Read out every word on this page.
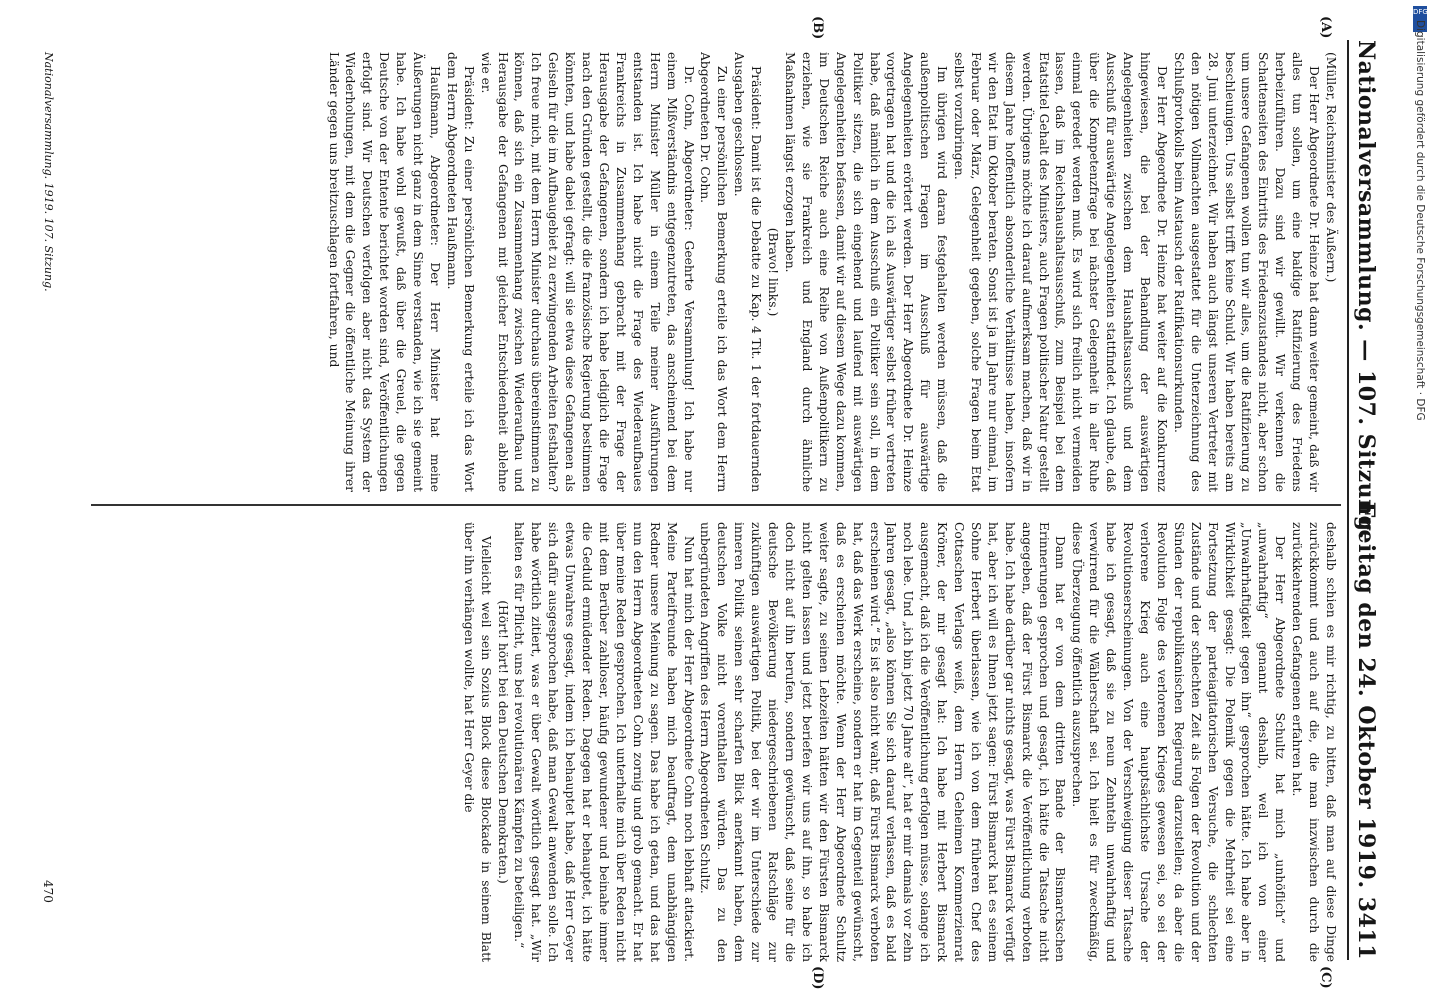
Nationalversammlung. — 107. Sitzung.
Freitag den 24. Oktober 1919. 3411
(A)
(B)
(C)
(D)

(Müller, Reichsminister des Äußern.)

Der Herr Abgeordnete Dr. Heinze hat dann weiter gemeint, daß wir alles tun sollen, um eine baldige Ratifizierung des Friedens herbeizuführen. Dazu sind wir gewillt. Wir verkennen die Schattenseiten des Eintritts des Friedenszustandes nicht, aber schon um unsere Gefangenen wollen tun wir alles, um die Ratifizierung zu beschleunigen. Uns selbst trifft keine Schuld. Wir haben bereits am 28. Juni unterzeichnet. Wir haben auch längst unseren Vertreter mit den nötigen Vollmachten ausgestattet für die Unterzeichnung des Schlußprotokolls beim Austausch der Ratifikationsurkunden.

Der Herr Abgeordnete Dr. Heinze hat weiter auf die Konkurrenz hingewiesen, die bei der Behandlung der auswärtigen Angelegenheiten zwischen dem Haushaltsausschuß und dem Ausschuß für auswärtige Angelegenheiten stattfindet. Ich glaube, daß über die Kompetenzfrage bei nächster Gelegenheit in aller Ruhe einmal geredet werden muß. Es wird sich freilich nicht vermeiden lassen, daß im Reichshaushaltsausschuß, zum Beispiel bei dem Etatstitel Gehalt des Ministers, auch Fragen politischer Natur gestellt werden. Übrigens möchte ich darauf aufmerksam machen, daß wir in diesem Jahre hoffentlich absonderliche Verhältnisse haben, insofern wir den Etat im Oktober beraten. Sonst ist ja im Jahre nur einmal, im Februar oder März, Gelegenheit gegeben, solche Fragen beim Etat selbst vorzubringen.

Im übrigen wird daran festgehalten werden müssen, daß die außenpolitischen Fragen im Ausschuß für auswärtige Angelegenheiten erörtert werden. Der Herr Abgeordnete Dr. Heinze vorgetragen hat und die ich als Auswärtiger selbst früher vertreten habe, daß nämlich in dem Ausschuß ein Politiker sein soll, in dem Politiker sitzen, die sich eingehend und laufend mit auswärtigen Angelegenheiten befassen, damit wir auf diesem Wege dazu kommen, im Deutschen Reiche auch eine Reihe von Außenpolitikern zu erziehen, wie sie Frankreich und England durch ähnliche Maßnahmen längst erzogen haben.

(Bravo! links.)

Präsident: Damit ist die Debatte zu Kap. 4 Tit. 1 der fortdauernden Ausgaben geschlossen.

Zu einer persönlichen Bemerkung erteile ich das Wort dem Herrn Abgeordneten Dr. Cohn.

Dr. Cohn, Abgeordneter: Geehrte Versammlung! Ich habe nur einem Mißverständnis entgegenzutreten, das anscheinend bei dem Herrn Minister Müller in einem Teile meiner Ausführungen entstanden ist. Ich habe nicht die Frage des Wiederaufbaues Frankreichs in Zusammenhang gebracht mit der Frage der Herausgabe der Gefangenen, sondern ich habe lediglich die Frage nach den Gründen gestellt, die die französische Regierung bestimmen könnten, und habe dabei gefragt: will sie etwa diese Gefangenen als Geiseln für die im Aufbaugebiet zu erzwingenden Arbeiten festhalten? Ich freue mich, mit dem Herrn Minister durchaus übereinstimmen zu können, daß sich ein Zusammenhang zwischen Wiederaufbau und Herausgabe der Gefangenen mit gleicher Entschiedenheit ablehne wie er.

Präsident: Zu einer persönlichen Bemerkung erteile ich das Wort dem Herrn Abgeordneten Haußmann.

Haußmann, Abgeordneter: Der Herr Minister hat meine Äußerungen nicht ganz in dem Sinne verstanden, wie ich sie gemeint habe. Ich habe wohl gewußt, daß über die Greuel, die gegen Deutsche von der Entente berichtet worden sind, Veröffentlichungen erfolgt sind. Wir Deutschen verfolgen aber nicht das System der Wiederholungen, mit dem die Gegner die öffentliche Meinung ihrer Länder gegen uns breitzuschlagen fortfahren, und

deshalb schien es mir richtig, zu bitten, daß man auf diese Dinge zurückkommt und auch auf die, die man inzwischen durch die zurückkehrenden Gefangenen erfahren hat.

Der Herr Abgeordnete Schultz hat mich „unhöflich“ und „unwahrhaftig“ genannt deshalb, weil ich von einer „Unwahrhaftigkeit gegen ihn“ gesprochen hätte. Ich habe aber in Wirklichkeit gesagt: Die Polemik gegen die Mehrheit sei eine Fortsetzung der parteiagitatorischen Versuche, die schlechten Zustände und der schlechten Zeit als Folgen der Revolution und der Sünden der republikanischen Regierung darzustellen; da aber die Revolution Folge des verlorenen Krieges gewesen sei, so sei der verlorene Krieg auch eine hauptsächlichste Ursache der Revolutionserscheinungen. Von der Verschweigung dieser Tatsache habe ich gesagt, daß sie zu neun Zehnteln unwahrhaftig und verwirrend für die Wählerschaft sei. Ich hielt es für zweckmäßig, diese Überzeugung öffentlich auszusprechen.

Dann hat er von dem dritten Bande der Bismarckschen Erinnerungen gesprochen und gesagt, ich hätte die Tatsache nicht angegeben, daß der Fürst Bismarck die Veröffentlichung verboten habe. Ich habe darüber gar nichts gesagt, was Fürst Bismarck verfügt hat, aber ich will es Ihnen jetzt sagen: Fürst Bismarck hat es seinem Sohne Herbert überlassen, wie ich von dem früheren Chef des Cottaschen Verlags weiß, dem Herrn Geheimen Kommerzienrat Kröner, der mir gesagt hat: Ich habe mit Herbert Bismarck ausgemacht, daß ich die Veröffentlichung erfolgen müsse, solange ich noch lebe. Und „ich bin jetzt 70 Jahre alt“, hat er mir damals vor zehn Jahren gesagt, „also können Sie sich darauf verlassen, daß es bald erscheinen wird.“ Es ist also nicht wahr, daß Fürst Bismarck verboten hat, daß das Werk erscheine, sondern er hat im Gegenteil gewünscht, daß es erscheinen möchte. Wenn der Herr Abgeordnete Schultz weiter sagte, zu seinen Lebzeiten hätten wir den Fürsten Bismarck nicht gelten lassen und jetzt beriefen wir uns auf ihn, so habe ich doch nicht auf ihn berufen, sondern gewünscht, daß seine für die deutsche Bevölkerung niedergeschriebenen Ratschläge zur zukünftigen auswärtigen Politik, bei der wir im Unterschiede zur inneren Politik seinen sehr scharfen Blick anerkannt haben, dem deutschen Volke nicht vorenthalten würden. Das zu den unbegründeten Angriffen des Herrn Abgeordneten Schultz.

Nun hat mich der Herr Abgeordnete Cohn noch lebhaft attackiert. Meine Parteifreunde haben mich beauftragt, dem unabhängigen Redner unsere Meinung zu sagen. Das habe ich getan, und das hat nun den Herrn Abgeordneten Cohn zornig und grob gemacht. Er hat über meine Reden gesprochen. Ich unterhalte mich über Reden nicht mit dem Berüber zahlloser, häufig gewundener und beinahe immer die Geduld ermüdender Reden. Dagegen hat er behauptet, ich hätte etwas Unwahres gesagt, indem ich behauptet habe, daß Herr Geyer sich dafür ausgesprochen habe, daß man Gewalt anwenden solle. Ich habe wörtlich zitiert, was er über Gewalt wörtlich gesagt hat. „Wir halten es für Pflicht, uns bei revolutionären Kämpfen zu beteiligen.“

(Hört! hört! bei den Deutschen Demokraten.)

Vielleicht weil sein Sozius Block diese Blockade in seinem Blatt über ihn verhängen wollte, hat Herr Geyer die

Nationalversammlung. 1919. 107. Sitzung.
470
DFG
Digitalisierung gefördert durch die Deutsche Forschungsgemeinschaft · DFG
